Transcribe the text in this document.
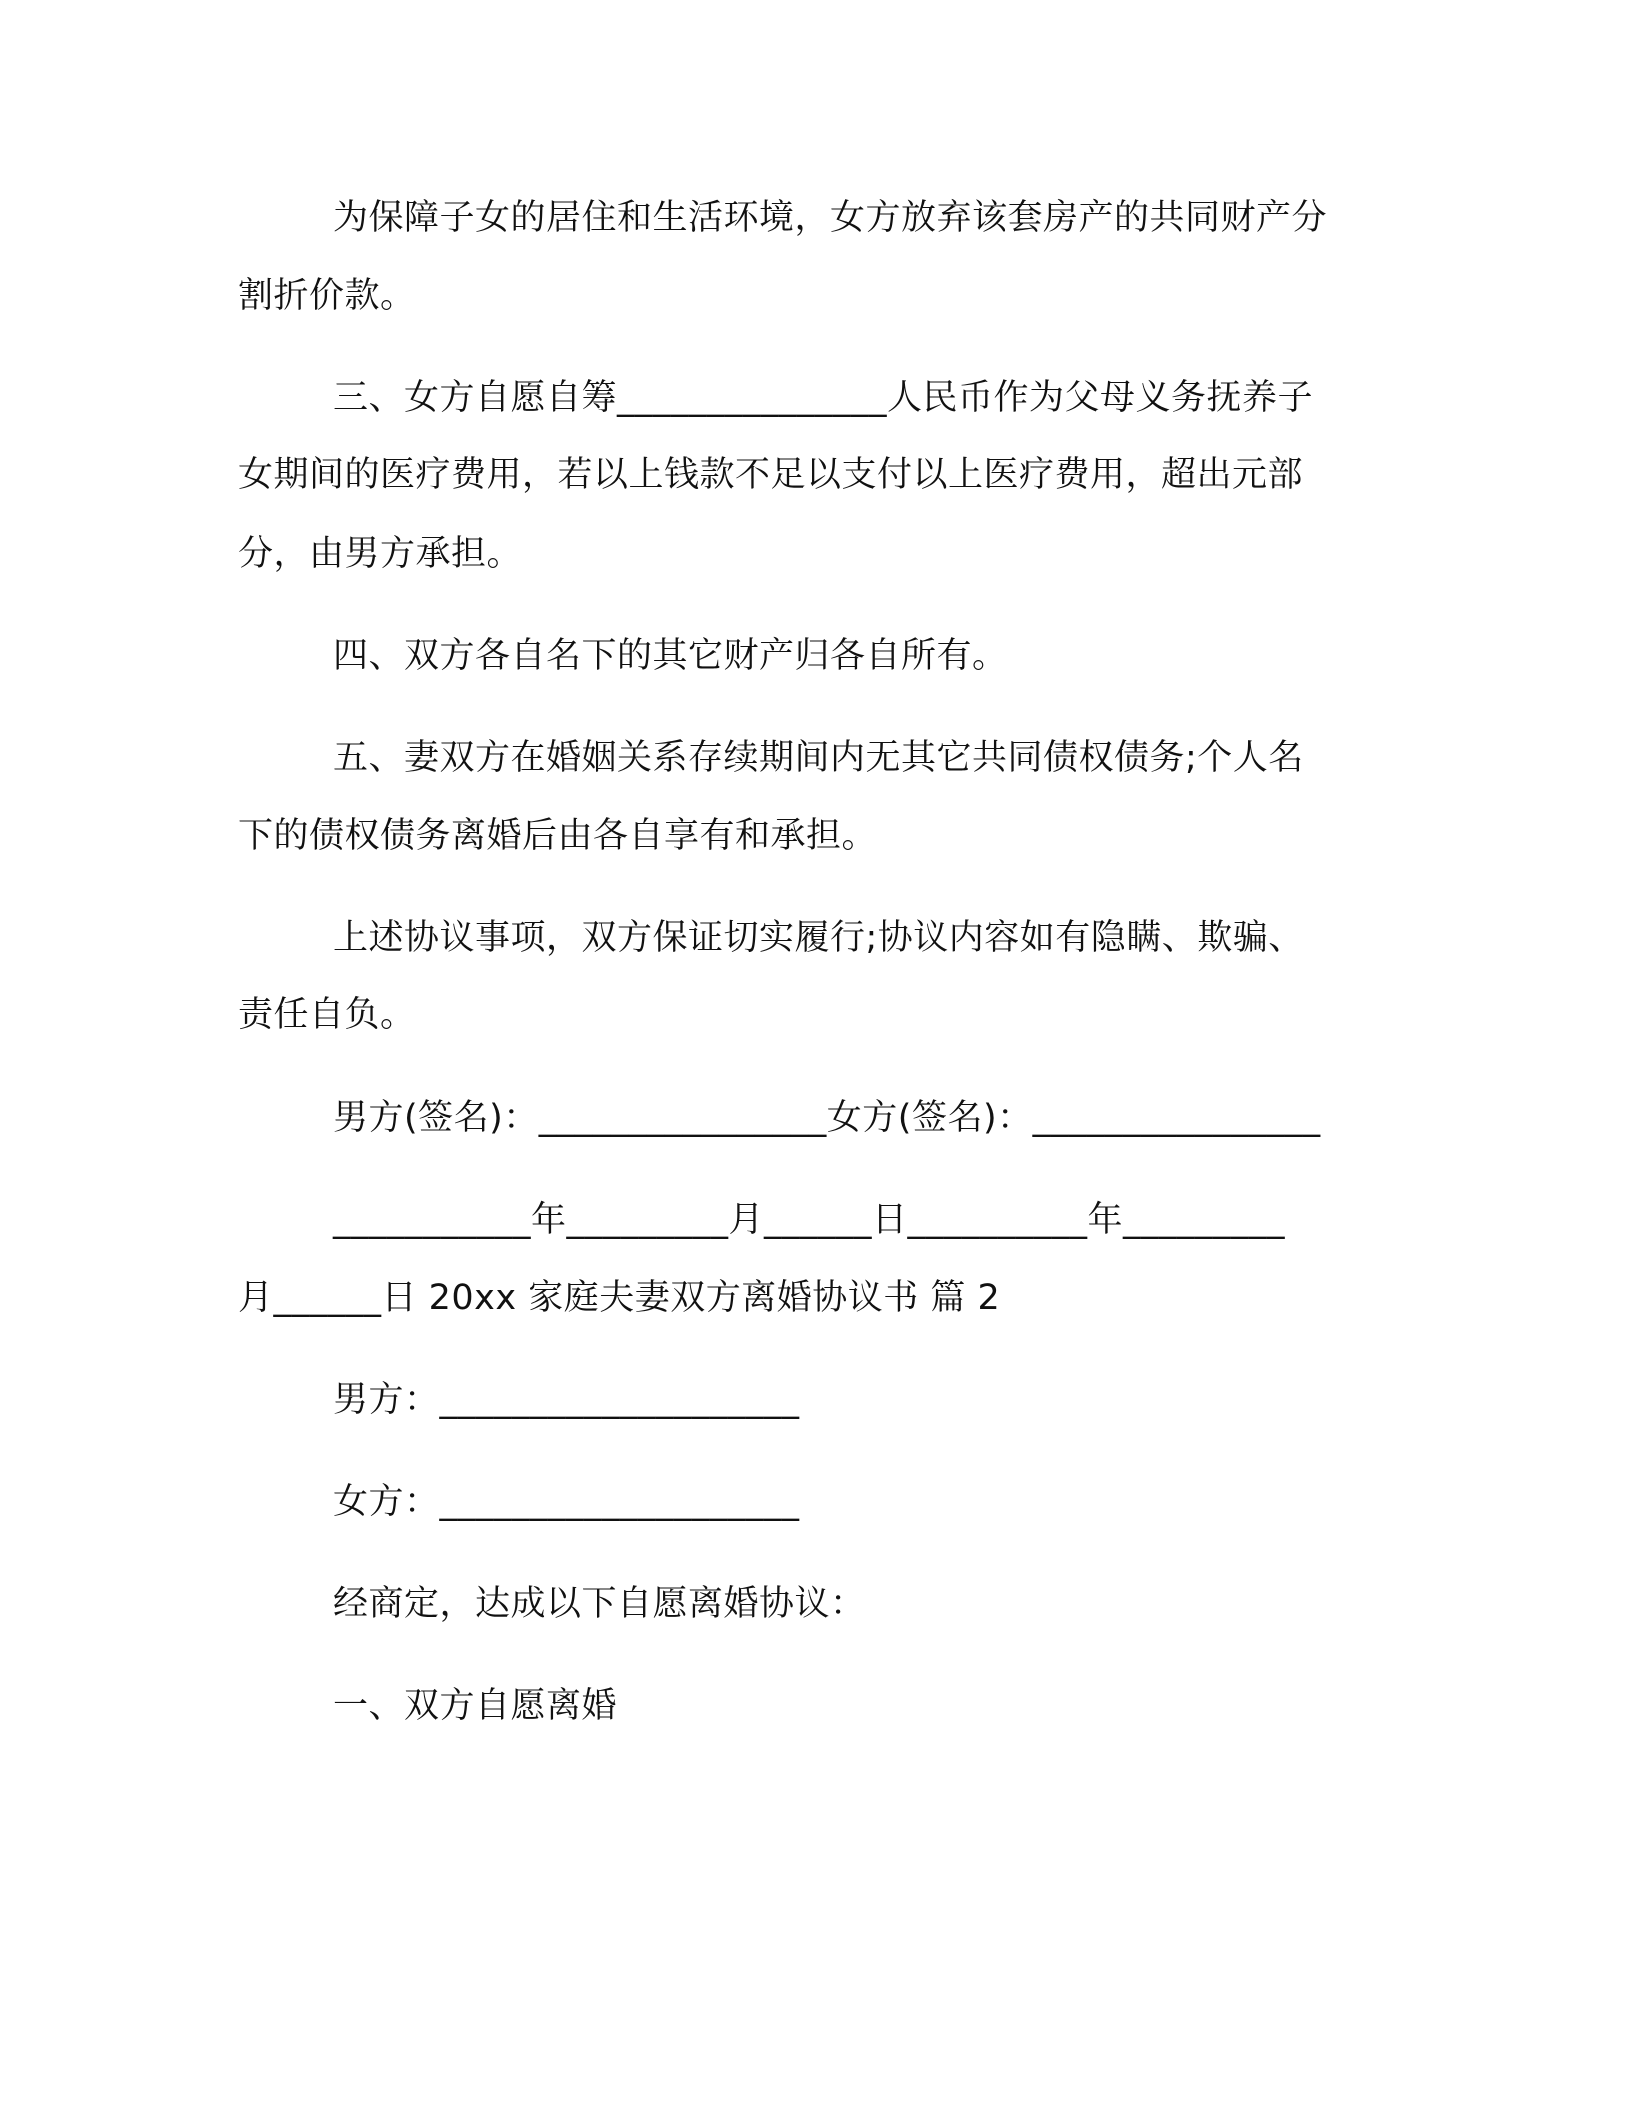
为保障子女的居住和生活环境，女方放弃该套房产的共同财产分
割折价款。
三、女方自愿自筹_______________人民币作为父母义务抚养子
女期间的医疗费用，若以上钱款不足以支付以上医疗费用，超出元部
分，由男方承担。
四、双方各自名下的其它财产归各自所有。
五、妻双方在婚姻关系存续期间内无其它共同债权债务;个人名
下的债权债务离婚后由各自享有和承担。
上述协议事项，双方保证切实履行;协议内容如有隐瞒、欺骗、
责任自负。
男方(签名)：________________女方(签名)：________________
___________年_________月______日__________年_________
月______日 20xx 家庭夫妻双方离婚协议书 篇 2
男方：____________________
女方：____________________
经商定，达成以下自愿离婚协议：
一、双方自愿离婚
